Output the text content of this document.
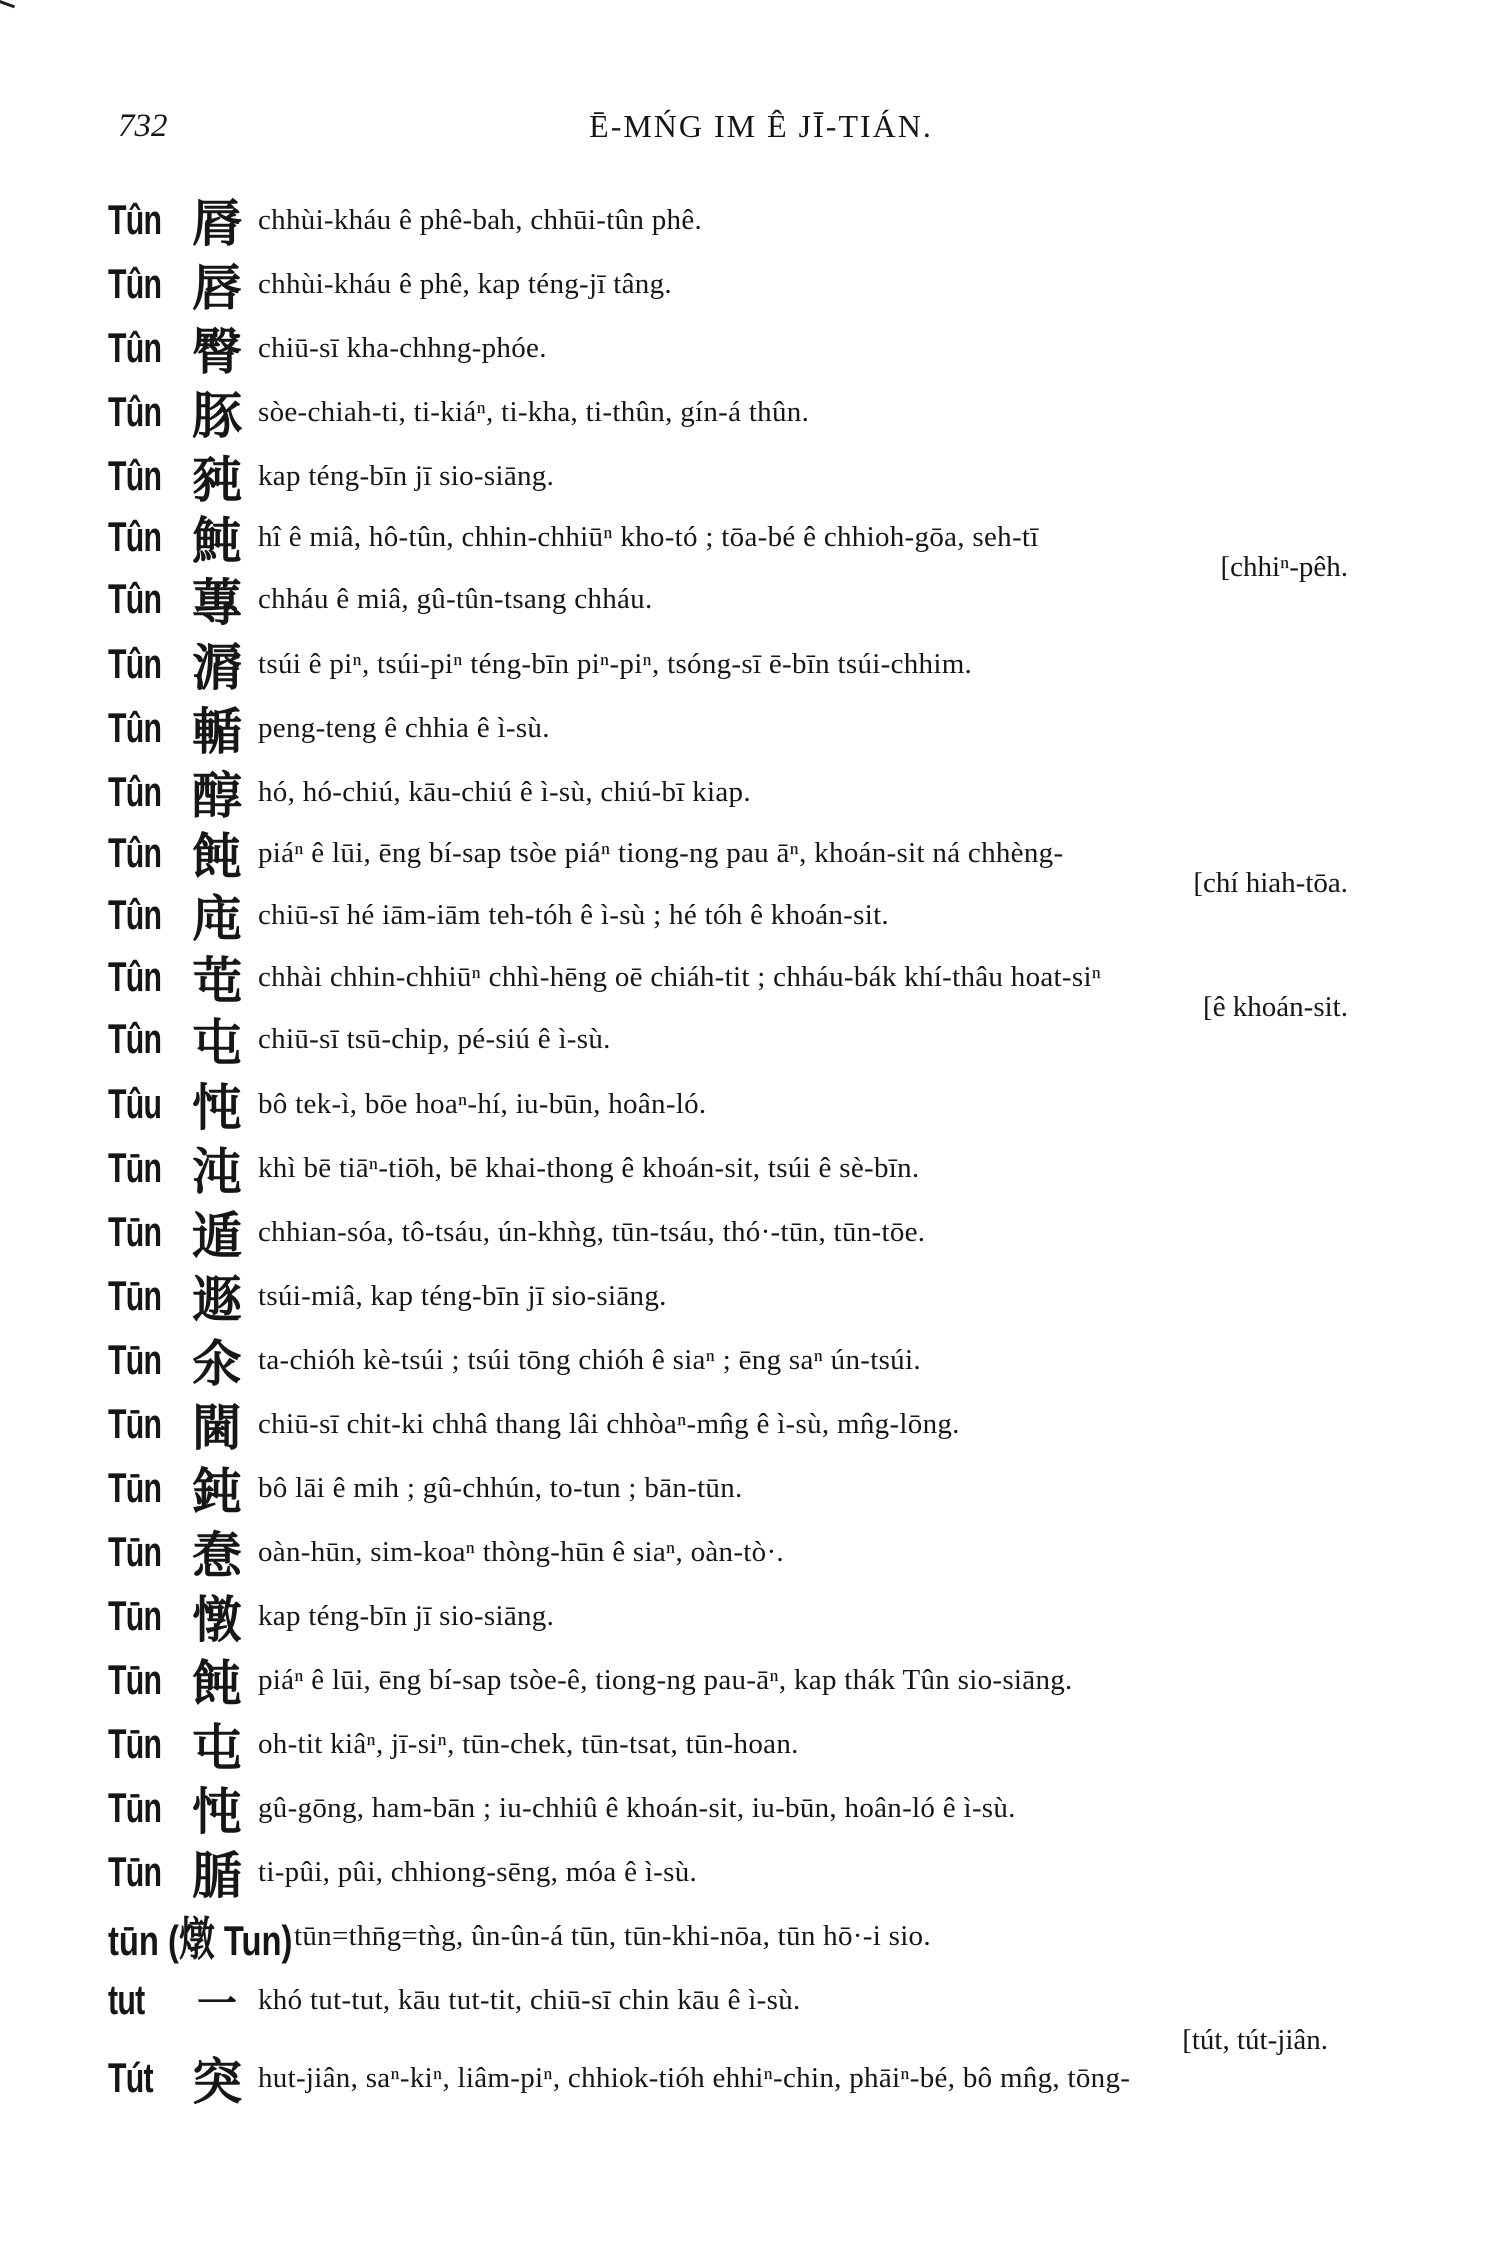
732	Ē-MŃG IM Ê JĪ-TIÁN.
Tûn 脣 chhùi-kháu ê phê-bah, chhūi-tûn phê.
Tûn 唇 chhùi-kháu ê phê, kap téng-jī tâng.
Tûn 臀 chiū-sī kha-chhng-phóe.
Tûn 豚 sòe-chiah-ti, ti-kiáⁿ, ti-kha, ti-thûn, gín-á thûn.
Tûn 豘 kap téng-bīn jī sio-siāng.
Tûn 魨 hî ê miâ, hô-tûn, chhin-chhiūⁿ kho-tó ; tōa-bé ê chhioh-gōa, seh-tī
[chhiⁿ-pêh.
Tûn 蓴 chháu ê miâ, gû-tûn-tsang chháu.
Tûn 漘 tsúi ê piⁿ, tsúi-piⁿ téng-bīn piⁿ-piⁿ, tsóng-sī ē-bīn tsúi-chhim.
Tûn 輴 peng-teng ê chhia ê ì-sù.
Tûn 醇 hó, hó-chiú, kāu-chiú ê ì-sù, chiú-bī kiap.
Tûn 飩 piáⁿ ê lūi, ēng bí-sap tsòe piáⁿ tiong-ng pau āⁿ, khoán-sit ná chhèng-
[chí hiah-tōa.
Tûn 庉 chiū-sī hé iām-iām teh-tóh ê ì-sù ; hé tóh ê khoán-sit.
Tûn 芚 chhài chhin-chhiūⁿ chhì-hēng oē chiáh-tit ; chháu-bák khí-thâu hoat-siⁿ
[ê khoán-sit.
Tûn 屯 chiū-sī tsū-chip, pé-siú ê ì-sù.
Tûu 忳 bô tek-ì, bōe hoaⁿ-hí, iu-būn, hoân-ló.
Tūn 沌 khì bē tiāⁿ-tiōh, bē khai-thong ê khoán-sit, tsúi ê sè-bīn.
Tūn 遁 chhian-sóa, tô-tsáu, ún-khǹg, tūn-tsáu, thó·-tūn, tūn-tōe.
Tūn 遯 tsúi-miâ, kap téng-bīn jī sio-siāng.
Tūn 氽 ta-chióh kè-tsúi ; tsúi tōng chióh ê siaⁿ ; ēng saⁿ ún-tsúi.
Tūn 閫 chiū-sī chit-ki chhâ thang lâi chhòaⁿ-mn̂g ê ì-sù, mn̂g-lōng.
Tūn 鈍 bô lāi ê mih ; gû-chhún, to-tun ; bān-tūn.
Tūn 惷 oàn-hūn, sim-koaⁿ thòng-hūn ê siaⁿ, oàn-tò·.
Tūn 憞 kap téng-bīn jī sio-siāng.
Tūn 飩 piáⁿ ê lūi, ēng bí-sap tsòe-ê, tiong-ng pau-āⁿ, kap thák Tûn sio-siāng.
Tūn 屯 oh-tit kiâⁿ, jī-siⁿ, tūn-chek, tūn-tsat, tūn-hoan.
Tūn 忳 gû-gōng, ham-bān ; iu-chhiû ê khoán-sit, iu-būn, hoân-ló ê ì-sù.
Tūn 腯 ti-pûi, pûi, chhiong-sēng, móa ê ì-sù.
tūn (燉 Tun) tūn=thn̄g=tǹg, ûn-ûn-á tūn, tūn-khi-nōa, tūn hō·-i sio.
tut	一 khó tut-tut, kāu tut-tit, chiū-sī chin kāu ê ì-sù.
[tút, tút-jiân.
Tút 突 hut-jiân, saⁿ-kiⁿ, liâm-piⁿ, chhiok-tióh ehhiⁿ-chin, phāiⁿ-bé, bô mn̂g, tōng-
